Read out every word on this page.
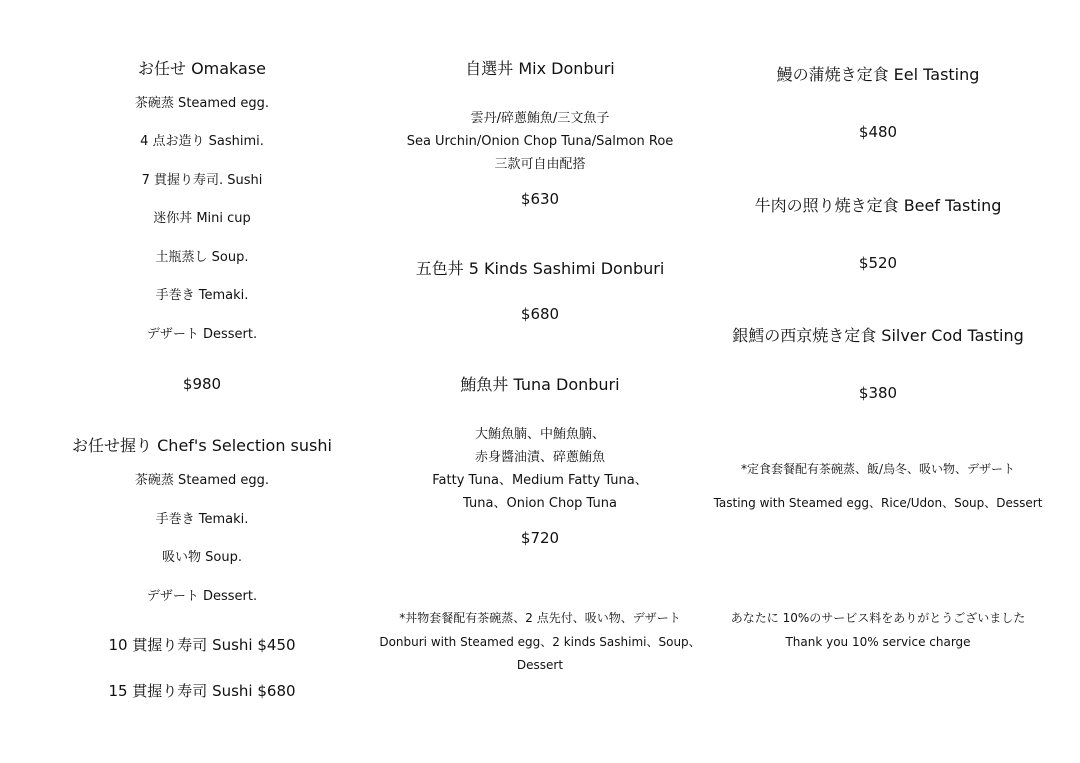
お任せ Omakase
茶碗蒸 Steamed egg.
4 点お造り Sashimi.
7 貫握り寿司. Sushi
迷你丼 Mini cup
土瓶蒸し Soup.
手巻き Temaki.
デザート Dessert.
$980
お任せ握り Chef's Selection sushi
茶碗蒸 Steamed egg.
手巻き Temaki.
吸い物 Soup.
デザート Dessert.
10 貫握り寿司 Sushi $450
15 貫握り寿司 Sushi $680
自選丼 Mix Donburi
雲丹/碎蔥鮪魚/三文魚子
Sea Urchin/Onion Chop Tuna/Salmon Roe
三款可自由配搭
$630
五色丼 5 Kinds Sashimi Donburi
$680
鮪魚丼 Tuna Donburi
大鮪魚腩、中鮪魚腩、
赤身醬油漬、碎蔥鮪魚
Fatty Tuna、Medium Fatty Tuna、
Tuna、Onion Chop Tuna
$720
*丼物套餐配有茶碗蒸、2 点先付、吸い物、デザート
Donburi with Steamed egg、2 kinds Sashimi、Soup、
Dessert
鰻の蒲焼き定食 Eel Tasting
$480
牛肉の照り焼き定食 Beef Tasting
$520
銀鱈の西京焼き定食 Silver Cod Tasting
$380
*定食套餐配有茶碗蒸、飯/烏冬、吸い物、デザート
Tasting with Steamed egg、Rice/Udon、Soup、Dessert
あなたに 10%のサービス料をありがとうございました
Thank you 10% service charge
